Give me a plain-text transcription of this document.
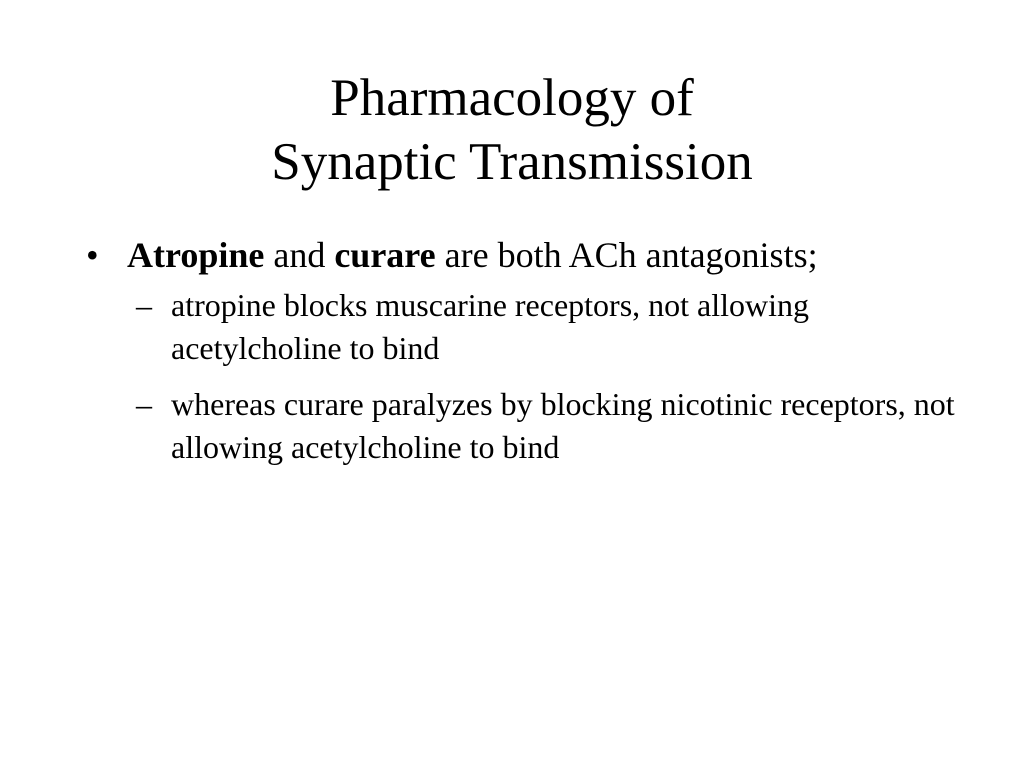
Pharmacology of
Synaptic Transmission

• Atropine and curare are both ACh antagonists;

– atropine blocks muscarine receptors, not allowing acetylcholine to bind

– whereas curare paralyzes by blocking nicotinic receptors, not allowing acetylcholine to bind
